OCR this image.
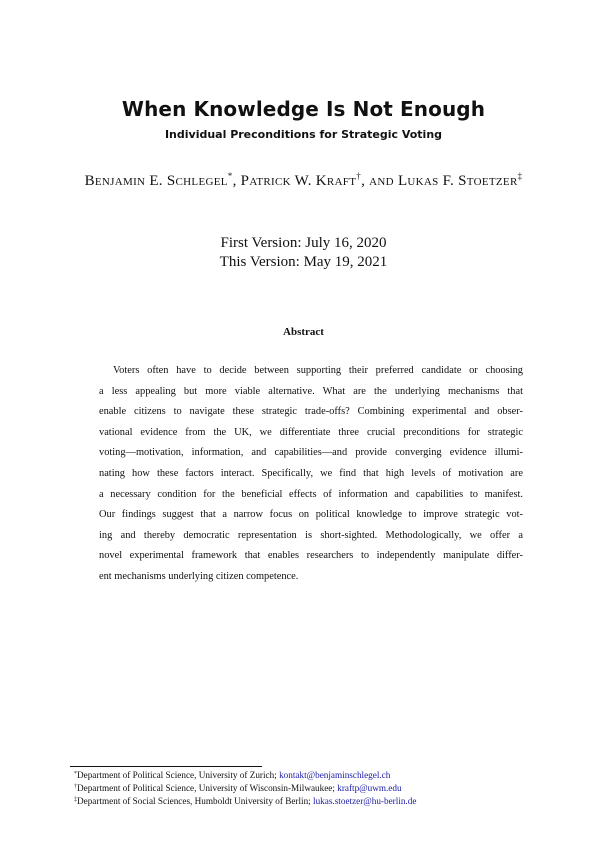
When Knowledge Is Not Enough
Individual Preconditions for Strategic Voting
Benjamin E. Schlegel*, Patrick W. Kraft†, and Lukas F. Stoetzer‡
First Version: July 16, 2020
This Version: May 19, 2021
Abstract
Voters often have to decide between supporting their preferred candidate or choosing
a less appealing but more viable alternative. What are the underlying mechanisms that
enable citizens to navigate these strategic trade-offs? Combining experimental and obser-
vational evidence from the UK, we differentiate three crucial preconditions for strategic
voting—motivation, information, and capabilities—and provide converging evidence illumi-
nating how these factors interact. Specifically, we find that high levels of motivation are
a necessary condition for the beneficial effects of information and capabilities to manifest.
Our findings suggest that a narrow focus on political knowledge to improve strategic vot-
ing and thereby democratic representation is short-sighted. Methodologically, we offer a
novel experimental framework that enables researchers to independently manipulate differ-
ent mechanisms underlying citizen competence.
*Department of Political Science, University of Zurich; kontakt@benjaminschlegel.ch
†Department of Political Science, University of Wisconsin-Milwaukee; kraftp@uwm.edu
‡Department of Social Sciences, Humboldt University of Berlin; lukas.stoetzer@hu-berlin.de
